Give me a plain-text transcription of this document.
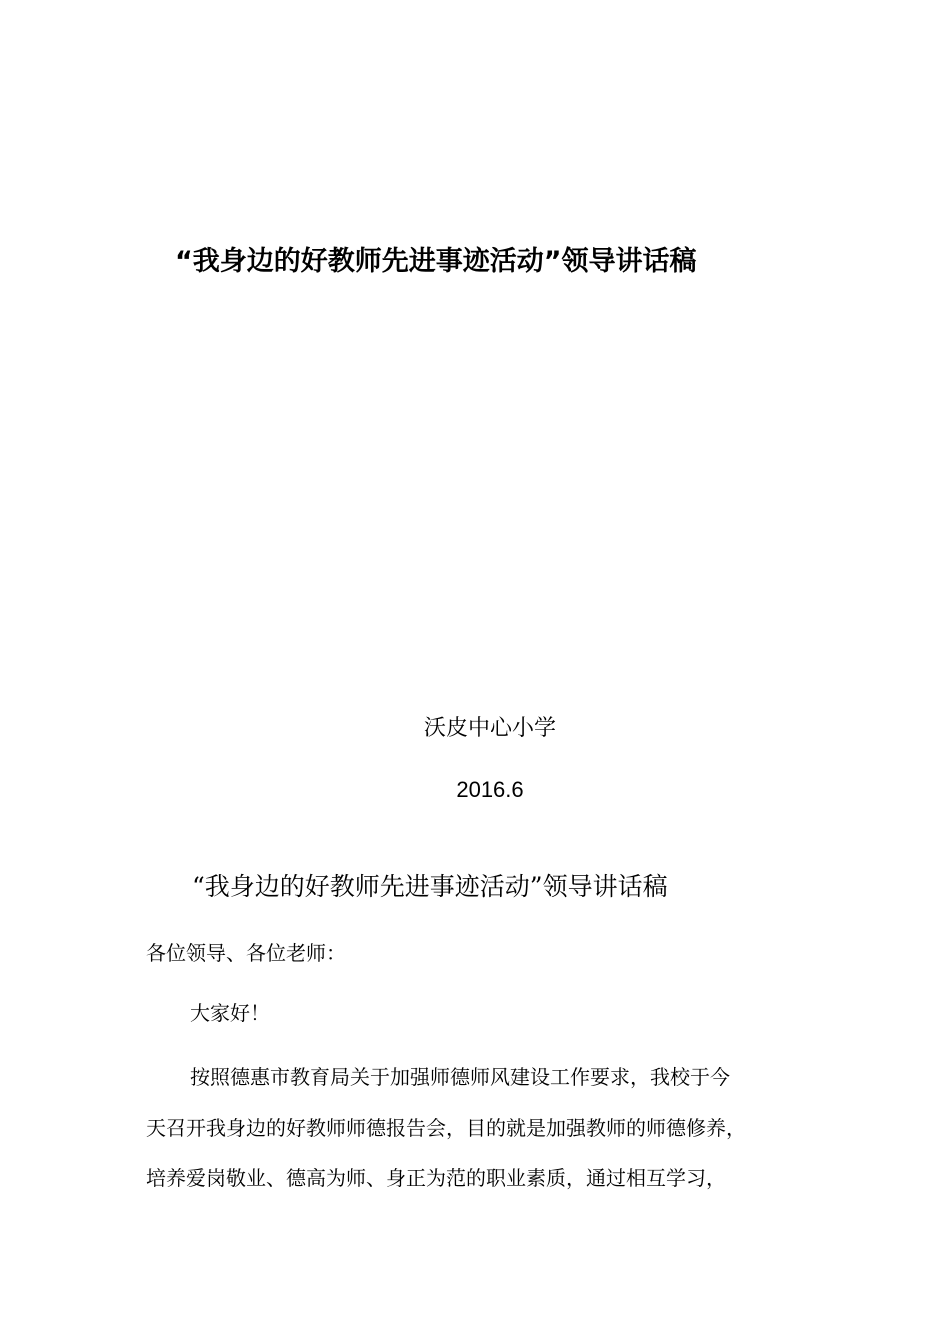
“我身边的好教师先进事迹活动”领导讲话稿
沃皮中心小学
2016.6
“我身边的好教师先进事迹活动”领导讲话稿
各位领导、各位老师：
大家好！
按照德惠市教育局关于加强师德师风建设工作要求，我校于今
天召开我身边的好教师师德报告会，目的就是加强教师的师德修养，
培养爱岗敬业、德高为师、身正为范的职业素质，通过相互学习，
